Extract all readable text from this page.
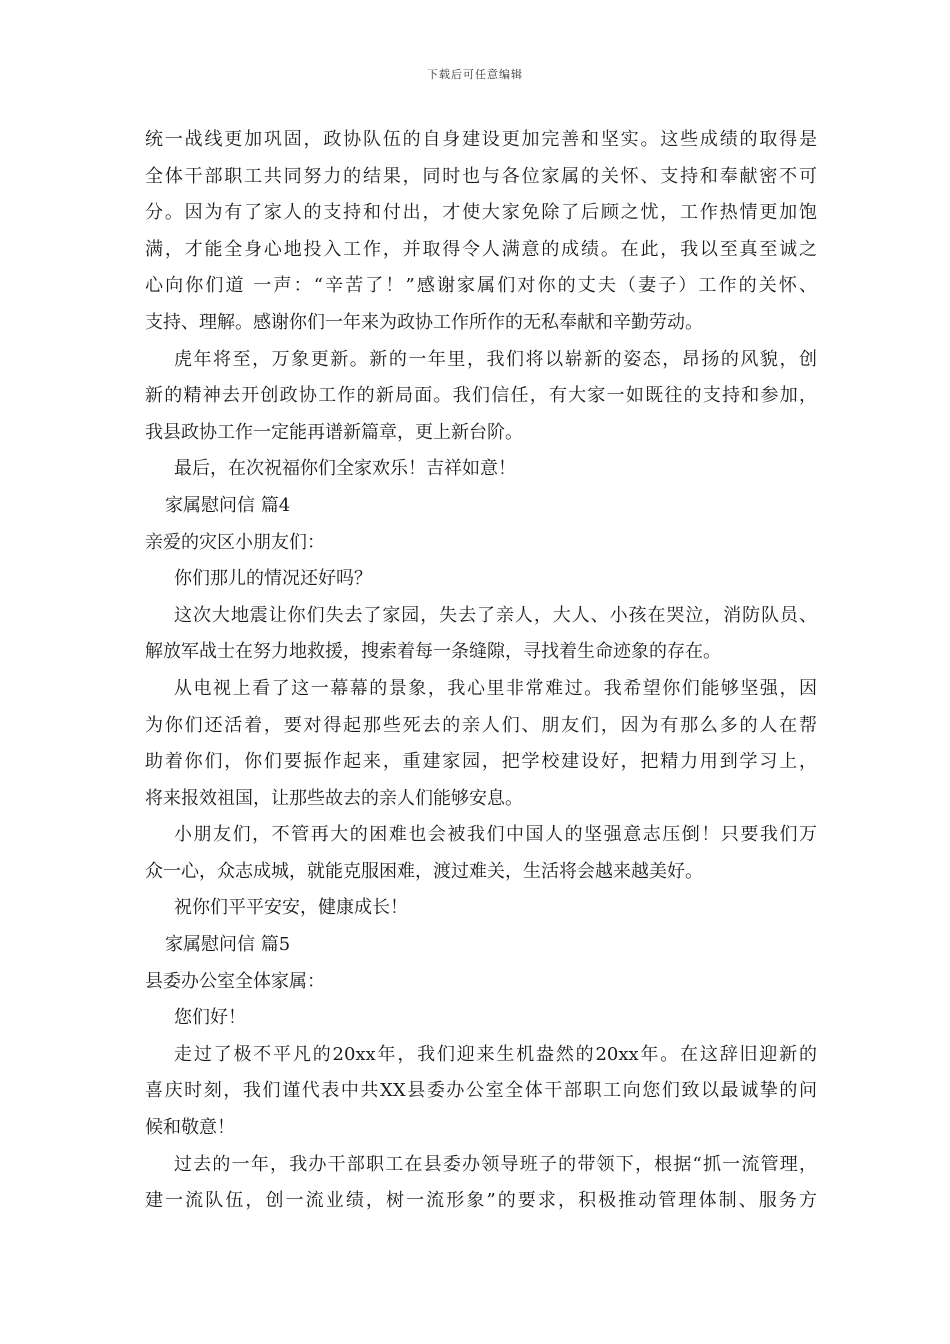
下载后可任意编辑
统一战线更加巩固，政协队伍的自身建设更加完善和坚实。这些成绩的取得是
全体干部职工共同努力的结果，同时也与各位家属的关怀、支持和奉献密不可
分。因为有了家人的支持和付出，才使大家免除了后顾之忧，工作热情更加饱
满，才能全身心地投入工作，并取得令人满意的成绩。在此，我以至真至诚之
心向你们道 一声：“辛苦了！”感谢家属们对你的丈夫（妻子）工作的关怀、
支持、理解。感谢你们一年来为政协工作所作的无私奉献和辛勤劳动。
虎年将至，万象更新。新的一年里，我们将以崭新的姿态，昂扬的风貌，创
新的精神去开创政协工作的新局面。我们信任，有大家一如既往的支持和参加，
我县政协工作一定能再谱新篇章，更上新台阶。
最后，在次祝福你们全家欢乐！吉祥如意！
家属慰问信 篇4
亲爱的灾区小朋友们：
你们那儿的情况还好吗？
这次大地震让你们失去了家园，失去了亲人，大人、小孩在哭泣，消防队员、
解放军战士在努力地救援，搜索着每一条缝隙，寻找着生命迹象的存在。
从电视上看了这一幕幕的景象，我心里非常难过。我希望你们能够坚强，因
为你们还活着，要对得起那些死去的亲人们、朋友们，因为有那么多的人在帮
助着你们，你们要振作起来，重建家园，把学校建设好，把精力用到学习上，
将来报效祖国，让那些故去的亲人们能够安息。
小朋友们，不管再大的困难也会被我们中国人的坚强意志压倒！只要我们万
众一心，众志成城，就能克服困难，渡过难关，生活将会越来越美好。
祝你们平平安安，健康成长！
家属慰问信 篇5
县委办公室全体家属：
您们好！
走过了极不平凡的20xx年，我们迎来生机盎然的20xx年。在这辞旧迎新的
喜庆时刻，我们谨代表中共XX县委办公室全体干部职工向您们致以最诚挚的问
候和敬意！
过去的一年，我办干部职工在县委办领导班子的带领下，根据“抓一流管理，
建一流队伍，创一流业绩，树一流形象”的要求，积极推动管理体制、服务方
